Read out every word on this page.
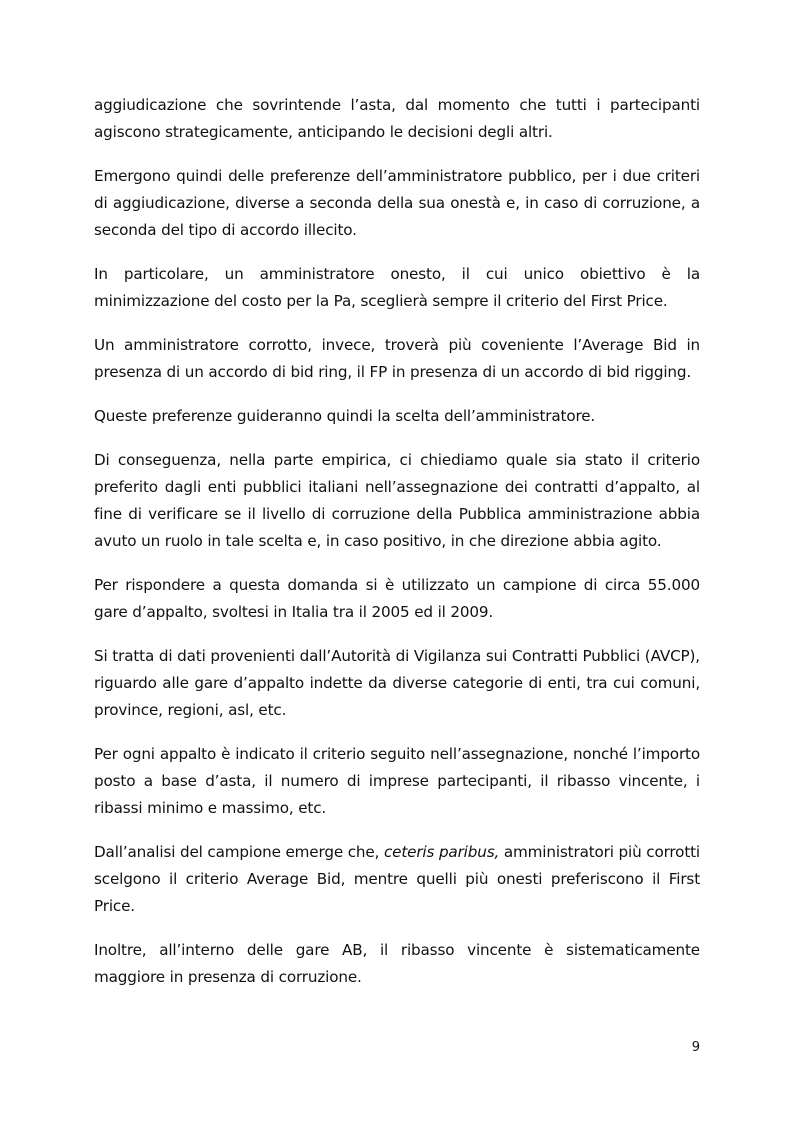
aggiudicazione che sovrintende l’asta, dal momento che tutti i partecipanti agiscono strategicamente, anticipando le decisioni degli altri.

Emergono quindi delle preferenze dell’amministratore pubblico, per i due criteri di aggiudicazione, diverse a seconda della sua onestà e, in caso di corruzione, a seconda del tipo di accordo illecito.

In particolare, un amministratore onesto, il cui unico obiettivo è la minimizzazione del costo per la Pa, sceglierà sempre il criterio del First Price.

Un amministratore corrotto, invece, troverà più coveniente l’Average Bid in presenza di un accordo di bid ring, il FP in presenza di un accordo di bid rigging.

Queste preferenze guideranno quindi la scelta dell’amministratore.

Di conseguenza, nella parte empirica, ci chiediamo quale sia stato il criterio preferito dagli enti pubblici italiani nell’assegnazione dei contratti d’appalto, al fine di verificare se il livello di corruzione della Pubblica amministrazione abbia avuto un ruolo in tale scelta e, in caso positivo, in che direzione abbia agito.

Per rispondere a questa domanda si è utilizzato un campione di circa 55.000 gare d’appalto, svoltesi in Italia tra il 2005 ed il 2009.

Si tratta di dati provenienti dall’Autorità di Vigilanza sui Contratti Pubblici (AVCP), riguardo alle gare d’appalto indette da diverse categorie di enti, tra cui comuni, province, regioni, asl, etc.

Per ogni appalto è indicato il criterio seguito nell’assegnazione, nonché l’importo posto a base d’asta, il numero di imprese partecipanti, il ribasso vincente, i ribassi minimo e massimo, etc.

Dall’analisi del campione emerge che, ceteris paribus, amministratori più corrotti scelgono il criterio Average Bid, mentre quelli più onesti preferiscono il First Price.

Inoltre, all’interno delle gare AB, il ribasso vincente è sistematicamente maggiore in presenza di corruzione.

9
